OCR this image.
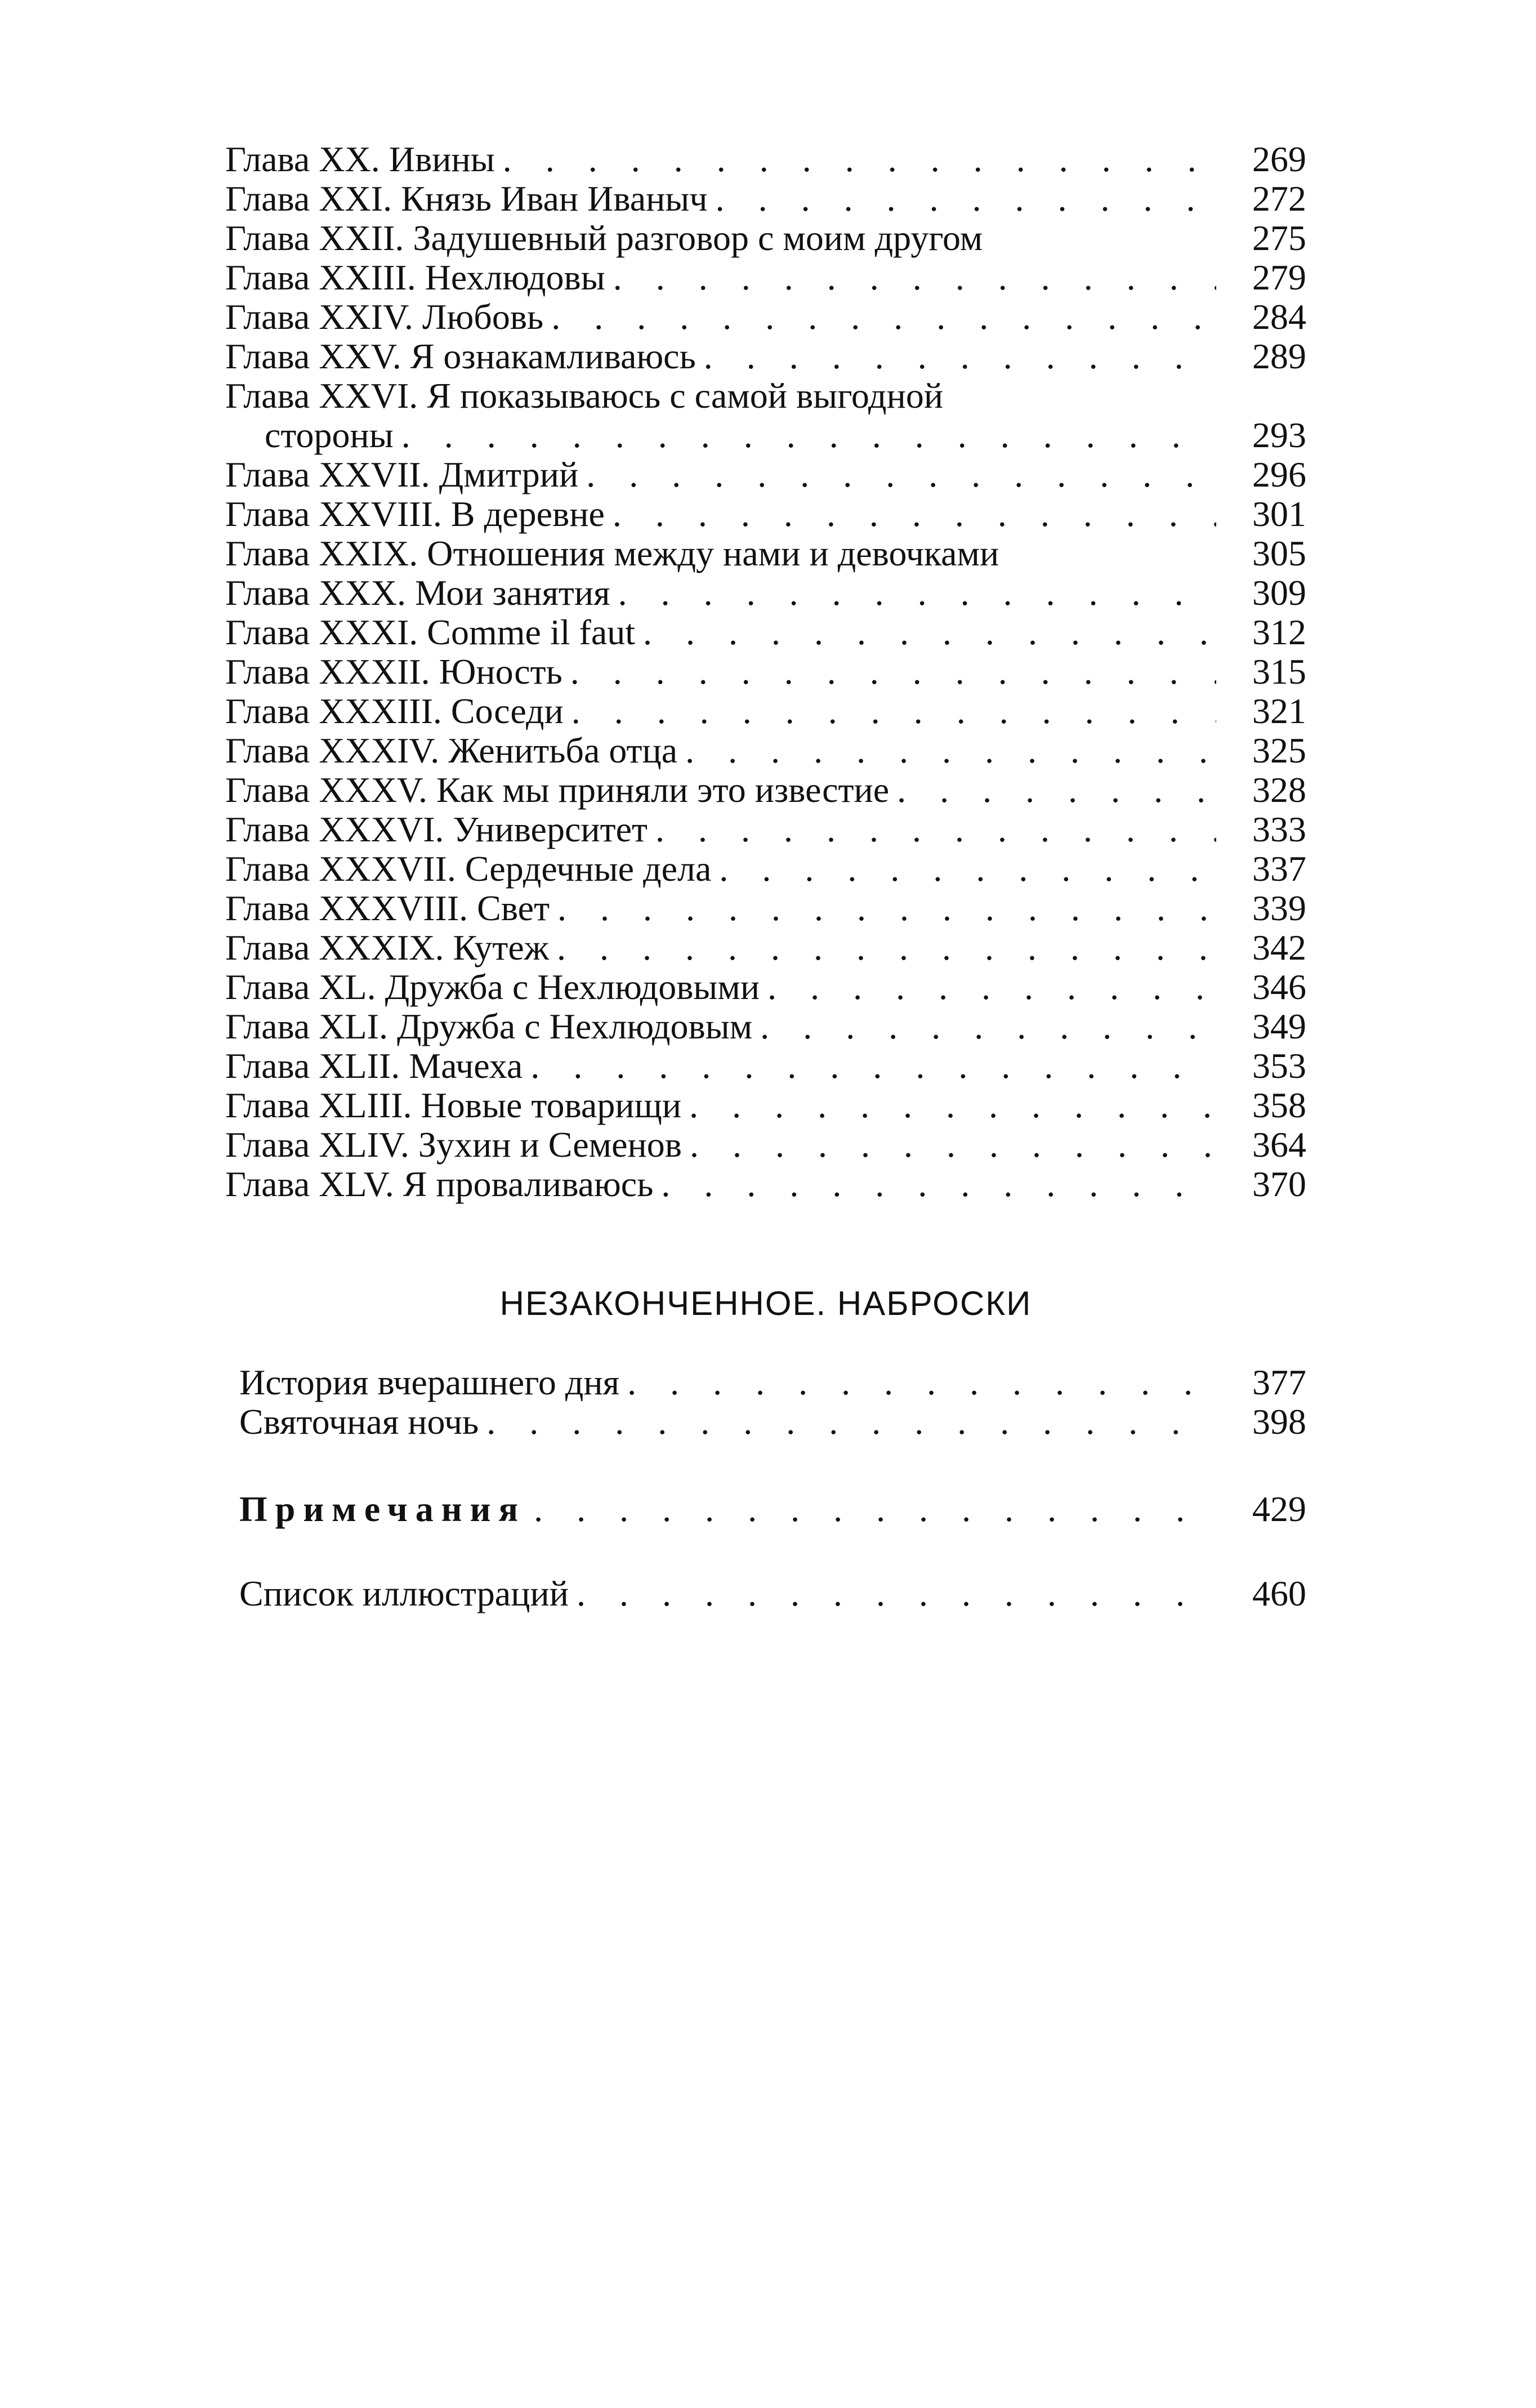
Глава XX. Ивины . . .	269
Глава XXI. Князь Иван Иваныч . . .	272
Глава XXII. Задушевный разговор с моим другом	275
Глава XXIII. Нехлюдовы . . .	279
Глава XXIV. Любовь . . .	284
Глава XXV. Я ознакамливаюсь . . .	289
Глава XXVI. Я показываюсь с самой выгодной
стороны . . .	293
Глава XXVII. Дмитрий . . .	296
Глава XXVIII. В деревне . . .	301
Глава XXIX. Отношения между нами и девочками	305
Глава XXX. Мои занятия . . .	309
Глава XXXI. Comme il faut . . .	312
Глава XXXII. Юность . . .	315
Глава XXXIII. Соседи . . .	321
Глава XXXIV. Женитьба отца . . .	325
Глава XXXV. Как мы приняли это известие . . .	328
Глава XXXVI. Университет . . .	333
Глава XXXVII. Сердечные дела . . .	337
Глава XXXVIII. Свет . . .	339
Глава XXXIX. Кутеж . . .	342
Глава XL. Дружба с Нехлюдовыми . . .	346
Глава XLI. Дружба с Нехлюдовым . . .	349
Глава XLII. Мачеха . . .	353
Глава XLIII. Новые товарищи . . .	358
Глава XLIV. Зухин и Семенов . . .	364
Глава XLV. Я проваливаюсь . . .	370
НЕЗАКОНЧЕННОЕ. НАБРОСКИ
История вчерашнего дня . . .	377
Святочная ночь . . .	398
Примечания . . .	429
Список иллюстраций . . .	460
